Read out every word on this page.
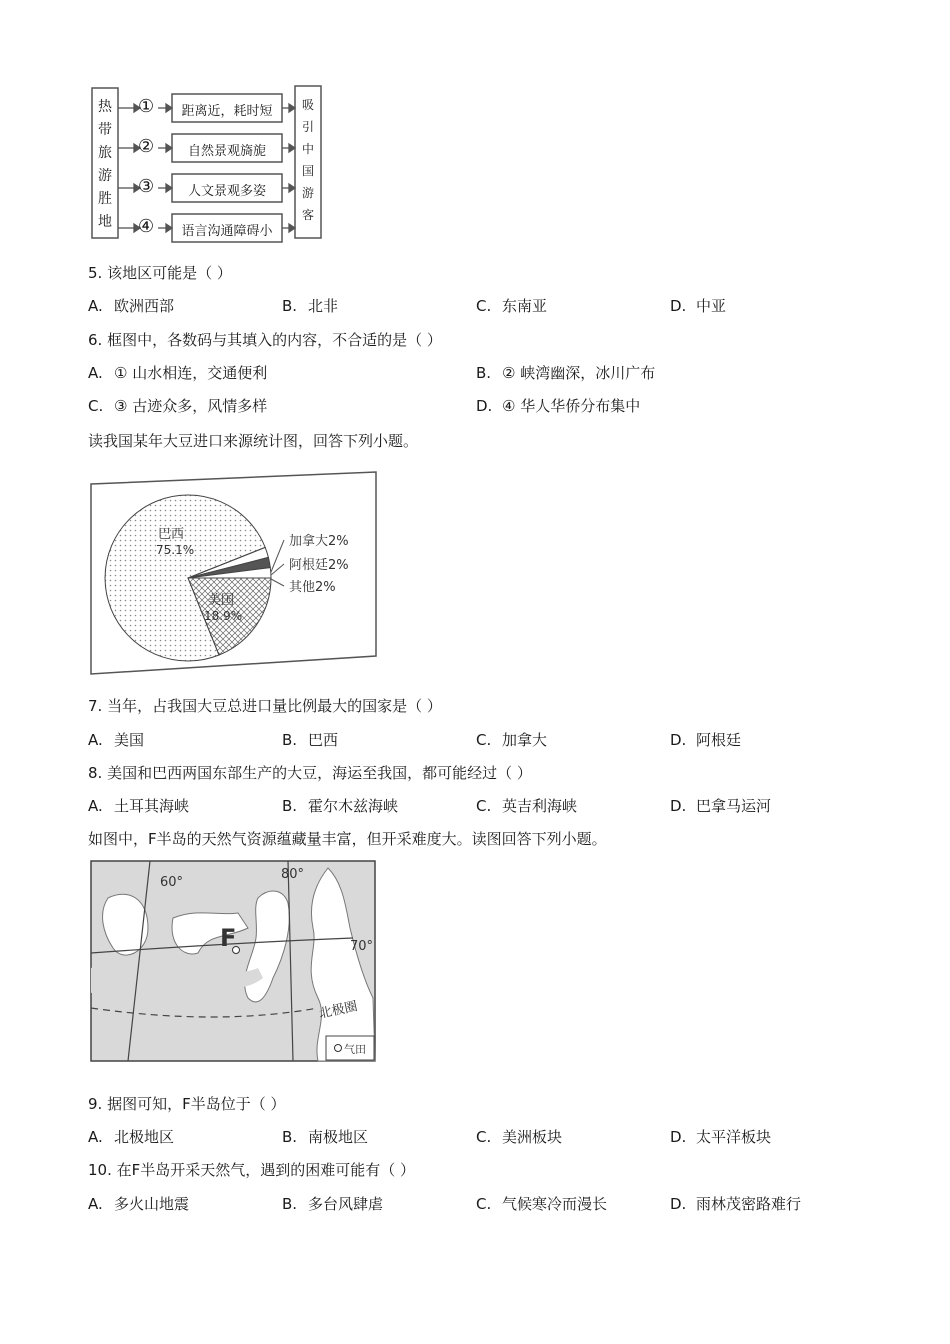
热
带
旅
游
胜
地
吸
引
中
国
游
客
①
②
③
④
距离近，耗时短
自然景观旖旎
人文景观多姿
语言沟通障碍小
5. 该地区可能是（ ）
A. 欧洲西部	B. 北非	C. 东南亚	D. 中亚
6. 框图中，各数码与其填入的内容，不合适的是（ ）
A. ① 山水相连，交通便利	B. ② 峡湾幽深，冰川广布
C. ③ 古迹众多，风情多样	D. ④ 华人华侨分布集中
读我国某年大豆进口来源统计图，回答下列小题。
巴西
75.1%
美国
18.9%
加拿大2%
阿根廷2%
其他2%
7. 当年，占我国大豆总进口量比例最大的国家是（ ）
A. 美国	B. 巴西	C. 加拿大	D. 阿根廷
8. 美国和巴西两国东部生产的大豆，海运至我国，都可能经过（ ）
A. 土耳其海峡	B. 霍尔木兹海峡	C. 英吉利海峡	D. 巴拿马运河
如图中，F半岛的天然气资源蕴藏量丰富，但开采难度大。读图回答下列小题。
60°
80°
70°
F
北极圈
气田
9. 据图可知，F半岛位于（ ）
A. 北极地区	B. 南极地区	C. 美洲板块	D. 太平洋板块
10. 在F半岛开采天然气，遇到的困难可能有（ ）
A. 多火山地震	B. 多台风肆虐	C. 气候寒冷而漫长	D. 雨林茂密路难行
